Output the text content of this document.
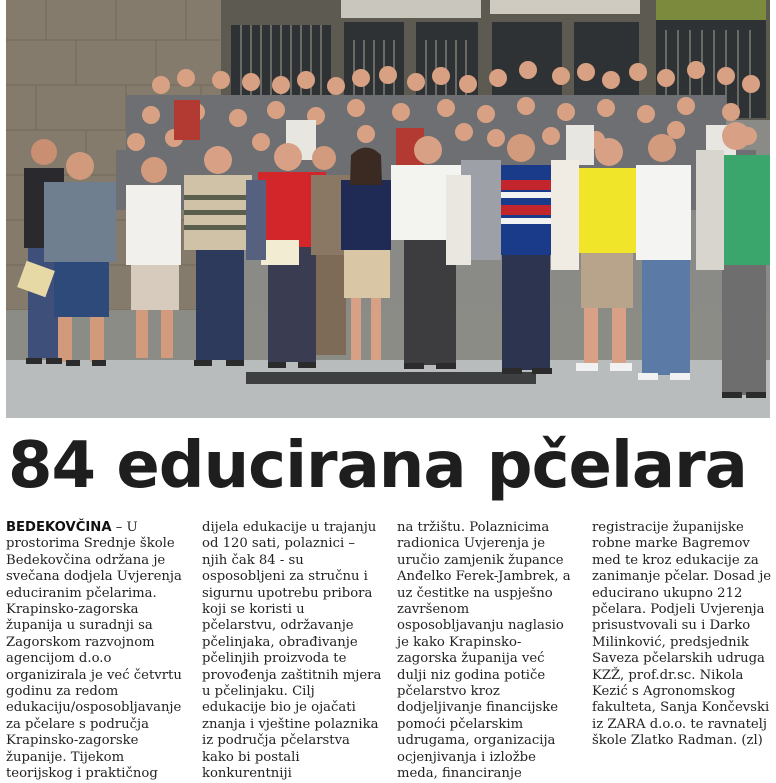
84 educirana pčelara

BEDEKOVČINA – U prostorima Srednje škole Bedekovčina održana je svečana dodjela Uvjerenja educiranim pčelarima. Krapinsko-zagorska županija u suradnji sa Zagorskom razvojnom agencijom d.o.o organizirala je već četvrtu godinu za redom edukaciju/osposobljavanje za pčelare s područja Krapinsko-zagorske županije. Tijekom teorijskog i praktičnog

dijela edukacije u trajanju od 120 sati, polaznici – njih čak 84 - su osposobljeni za stručnu i sigurnu upotrebu pribora koji se koristi u pčelarstvu, održavanje pčelinjaka, obrađivanje pčelinjih proizvoda te provođenja zaštitnih mjera u pčelinjaku. Cilj edukacije bio je ojačati znanja i vještine polaznika iz područja pčelarstva kako bi postali konkurentniji

na tržištu. Polaznicima radionica Uvjerenja je uručio zamjenik župance Anđelko Ferek-Jambrek, a uz čestitke na uspješno završenom osposobljavanju naglasio je kako Krapinsko-zagorska županija već dulji niz godina potiče pčelarstvo kroz dodjeljivanje financijske pomoći pčelarskim udrugama, organizacija ocjenjivanja i izložbe meda, financiranje

registracije županijske robne marke Bagremov med te kroz edukacije za zanimanje pčelar. Dosad je educirano ukupno 212 pčelara. Podjeli Uvjerenja prisustvovali su i Darko Milinković, predsjednik Saveza pčelarskih udruga KZŽ, prof.dr.sc. Nikola Kezić s Agronomskog fakulteta, Sanja Končevski iz ZARA d.o.o. te ravnatelj škole Zlatko Radman. (zl)
